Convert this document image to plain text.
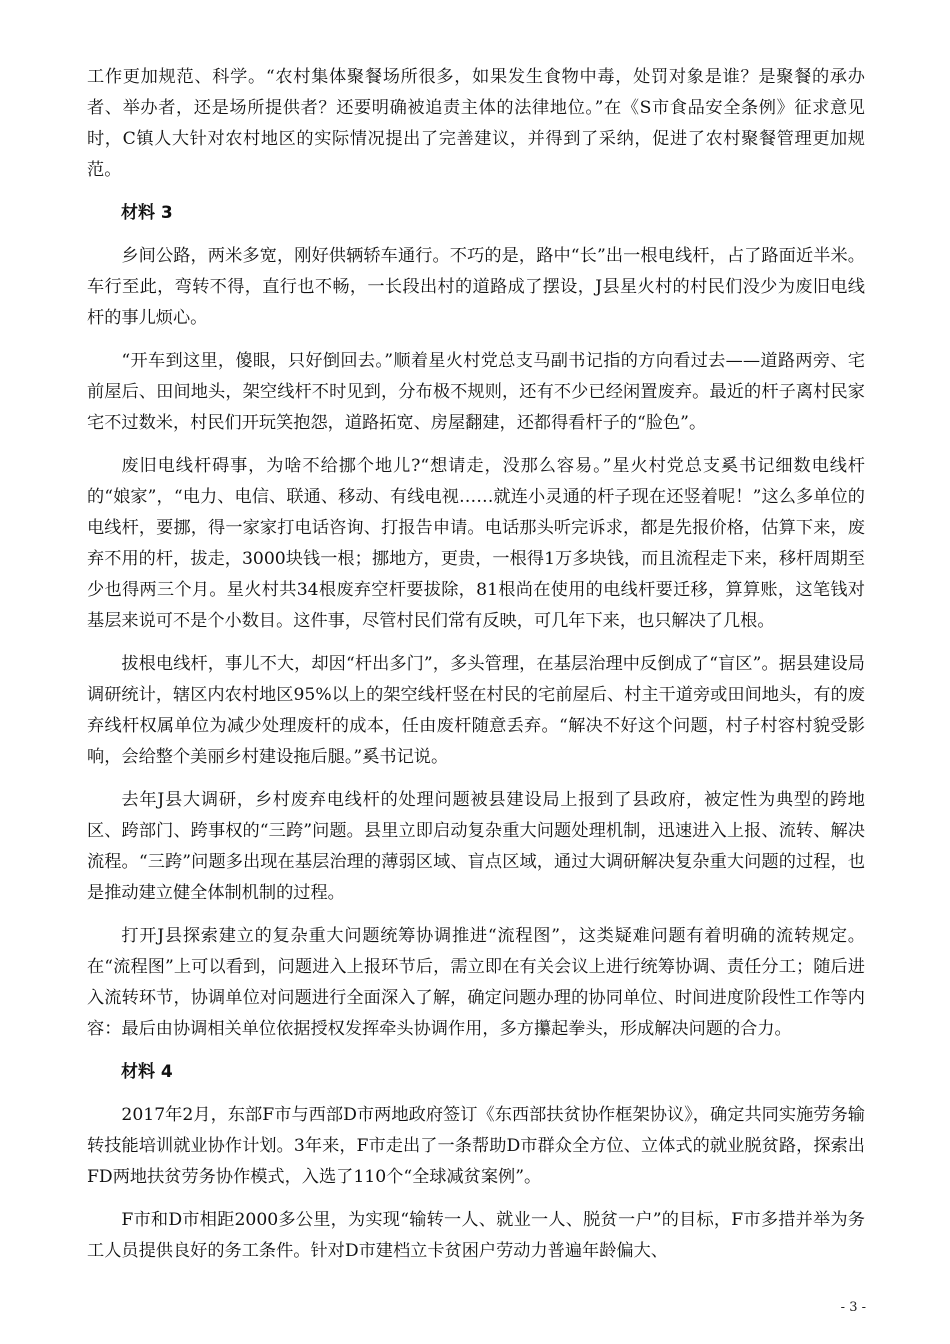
工作更加规范、科学。“农村集体聚餐场所很多，如果发生食物中毒，处罚对象是谁？是聚餐的承办者、举办者，还是场所提供者？还要明确被追责主体的法律地位。”在《S市食品安全条例》征求意见时，C镇人大针对农村地区的实际情况提出了完善建议，并得到了采纳，促进了农村聚餐管理更加规范。

材料 3

乡间公路，两米多宽，刚好供辆轿车通行。不巧的是，路中“长”出一根电线杆，占了路面近半米。车行至此，弯转不得，直行也不畅，一长段出村的道路成了摆设，J县星火村的村民们没少为废旧电线杆的事儿烦心。

“开车到这里，傻眼，只好倒回去。”顺着星火村党总支马副书记指的方向看过去——道路两旁、宅前屋后、田间地头，架空线杆不时见到，分布极不规则，还有不少已经闲置废弃。最近的杆子离村民家宅不过数米，村民们开玩笑抱怨，道路拓宽、房屋翻建，还都得看杆子的“脸色”。

废旧电线杆碍事，为啥不给挪个地儿?“想请走，没那么容易。”星火村党总支奚书记细数电线杆的“娘家”，“电力、电信、联通、移动、有线电视……就连小灵通的杆子现在还竖着呢！”这么多单位的电线杆，要挪，得一家家打电话咨询、打报告申请。电话那头听完诉求，都是先报价格，估算下来，废弃不用的杆，拔走，3000块钱一根；挪地方，更贵，一根得1万多块钱，而且流程走下来，移杆周期至少也得两三个月。星火村共34根废弃空杆要拔除，81根尚在使用的电线杆要迁移，算算账，这笔钱对基层来说可不是个小数目。这件事，尽管村民们常有反映，可几年下来，也只解决了几根。

拔根电线杆，事儿不大，却因“杆出多门”，多头管理，在基层治理中反倒成了“盲区”。据县建设局调研统计，辖区内农村地区95%以上的架空线杆竖在村民的宅前屋后、村主干道旁或田间地头，有的废弃线杆权属单位为减少处理废杆的成本，任由废杆随意丢弃。“解决不好这个问题，村子村容村貌受影响，会给整个美丽乡村建设拖后腿。”奚书记说。

去年J县大调研，乡村废弃电线杆的处理问题被县建设局上报到了县政府，被定性为典型的跨地区、跨部门、跨事权的“三跨”问题。县里立即启动复杂重大问题处理机制，迅速进入上报、流转、解决流程。“三跨”问题多出现在基层治理的薄弱区域、盲点区域，通过大调研解决复杂重大问题的过程，也是推动建立健全体制机制的过程。

打开J县探索建立的复杂重大问题统筹协调推进“流程图”，这类疑难问题有着明确的流转规定。在“流程图”上可以看到，问题进入上报环节后，需立即在有关会议上进行统筹协调、责任分工；随后进入流转环节，协调单位对问题进行全面深入了解，确定问题办理的协同单位、时间进度阶段性工作等内容：最后由协调相关单位依据授权发挥牵头协调作用，多方攥起拳头，形成解决问题的合力。

材料 4

2017年2月，东部F市与西部D市两地政府签订《东西部扶贫协作框架协议》，确定共同实施劳务输转技能培训就业协作计划。3年来，F市走出了一条帮助D市群众全方位、立体式的就业脱贫路，探索出FD两地扶贫劳务协作模式，入选了110个“全球减贫案例”。

F市和D市相距2000多公里，为实现“输转一人、就业一人、脱贫一户”的目标，F市多措并举为务工人员提供良好的务工条件。针对D市建档立卡贫困户劳动力普遍年龄偏大、

- 3 -
